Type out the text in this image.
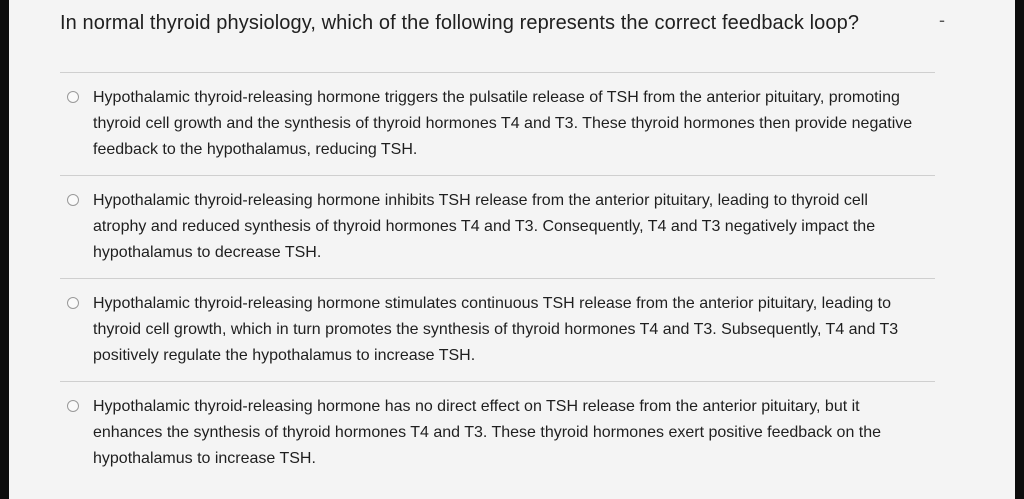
In normal thyroid physiology, which of the following represents the correct feedback loop?	-
Hypothalamic thyroid-releasing hormone triggers the pulsatile release of TSH from the anterior pituitary, promoting thyroid cell growth and the synthesis of thyroid hormones T4 and T3. These thyroid hormones then provide negative feedback to the hypothalamus, reducing TSH.
Hypothalamic thyroid-releasing hormone inhibits TSH release from the anterior pituitary, leading to thyroid cell atrophy and reduced synthesis of thyroid hormones T4 and T3. Consequently, T4 and T3 negatively impact the hypothalamus to decrease TSH.
Hypothalamic thyroid-releasing hormone stimulates continuous TSH release from the anterior pituitary, leading to thyroid cell growth, which in turn promotes the synthesis of thyroid hormones T4 and T3. Subsequently, T4 and T3 positively regulate the hypothalamus to increase TSH.
Hypothalamic thyroid-releasing hormone has no direct effect on TSH release from the anterior pituitary, but it enhances the synthesis of thyroid hormones T4 and T3. These thyroid hormones exert positive feedback on the hypothalamus to increase TSH.
